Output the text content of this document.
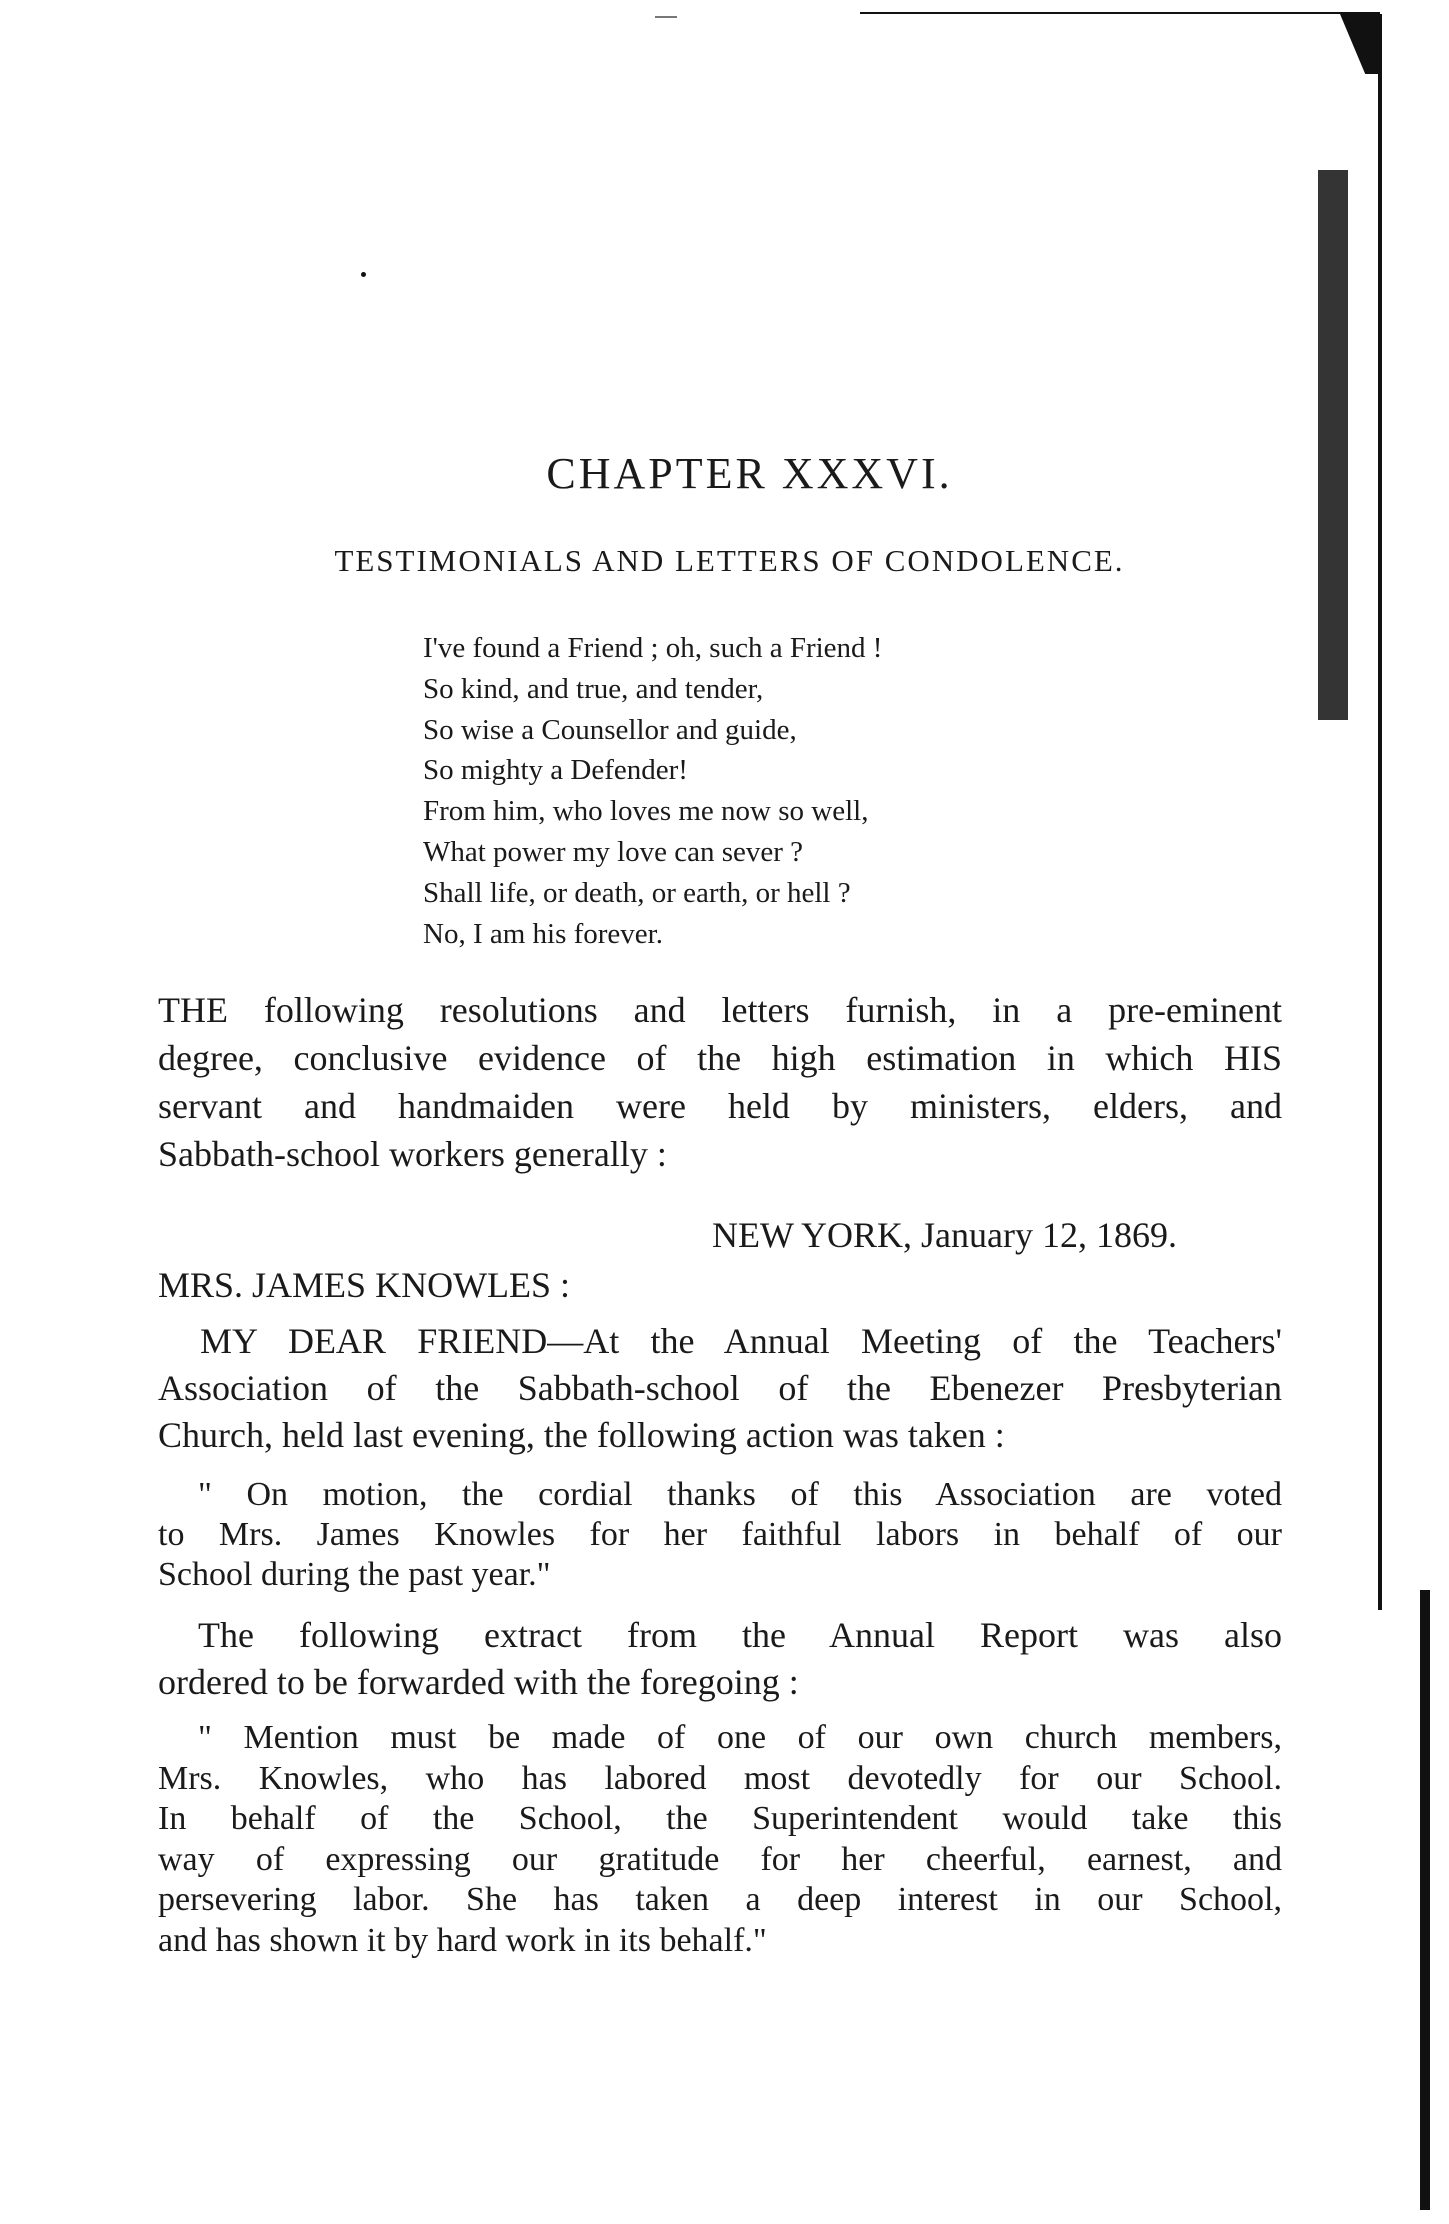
CHAPTER XXXVI.
TESTIMONIALS AND LETTERS OF CONDOLENCE.
I've found a Friend ; oh, such a Friend !
So kind, and true, and tender,
So wise a Counsellor and guide,
So mighty a Defender!
From him, who loves me now so well,
What power my love can sever ?
Shall life, or death, or earth, or hell ?
No, I am his forever.
THE following resolutions and letters furnish, in a pre-eminent
degree, conclusive evidence of the high estimation in which HIS
servant and handmaiden were held by ministers, elders, and
Sabbath-school workers generally :
NEW YORK, January 12, 1869.
MRS. JAMES KNOWLES :
MY DEAR FRIEND—At the Annual Meeting of the Teachers'
Association of the Sabbath-school of the Ebenezer Presbyterian
Church, held last evening, the following action was taken :
" On motion, the cordial thanks of this Association are voted
to Mrs. James Knowles for her faithful labors in behalf of our
School during the past year."
The following extract from the Annual Report was also
ordered to be forwarded with the foregoing :
" Mention must be made of one of our own church members,
Mrs. Knowles, who has labored most devotedly for our School.
In behalf of the School, the Superintendent would take this
way of expressing our gratitude for her cheerful, earnest, and
persevering labor. She has taken a deep interest in our School,
and has shown it by hard work in its behalf."
